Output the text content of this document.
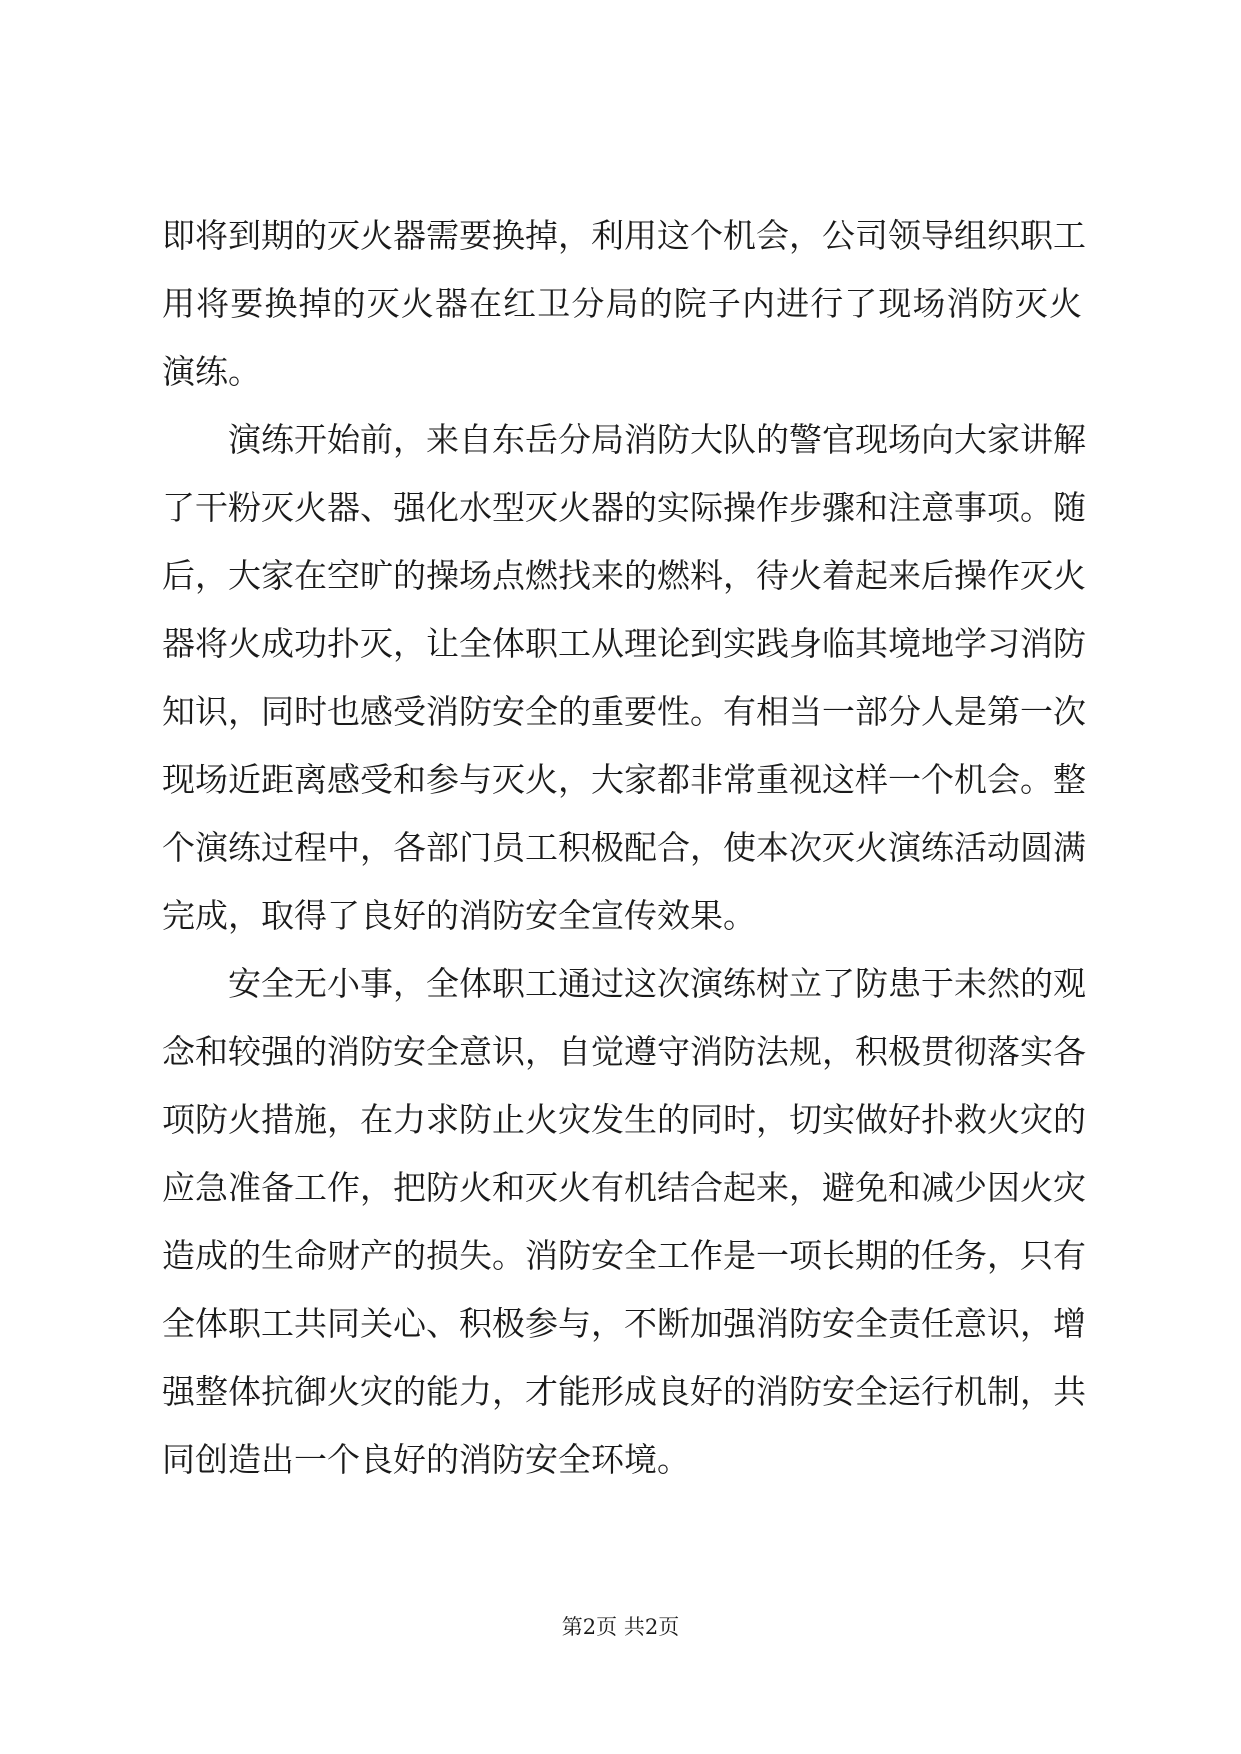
即将到期的灭火器需要换掉，利用这个机会，公司领导组织职工
用将要换掉的灭火器在红卫分局的院子内进行了现场消防灭火
演练。
演练开始前，来自东岳分局消防大队的警官现场向大家讲解
了干粉灭火器、强化水型灭火器的实际操作步骤和注意事项。随
后，大家在空旷的操场点燃找来的燃料，待火着起来后操作灭火
器将火成功扑灭，让全体职工从理论到实践身临其境地学习消防
知识，同时也感受消防安全的重要性。有相当一部分人是第一次
现场近距离感受和参与灭火，大家都非常重视这样一个机会。整
个演练过程中，各部门员工积极配合，使本次灭火演练活动圆满
完成，取得了良好的消防安全宣传效果。
安全无小事，全体职工通过这次演练树立了防患于未然的观
念和较强的消防安全意识，自觉遵守消防法规，积极贯彻落实各
项防火措施，在力求防止火灾发生的同时，切实做好扑救火灾的
应急准备工作，把防火和灭火有机结合起来，避免和减少因火灾
造成的生命财产的损失。消防安全工作是一项长期的任务，只有
全体职工共同关心、积极参与，不断加强消防安全责任意识，增
强整体抗御火灾的能力，才能形成良好的消防安全运行机制，共
同创造出一个良好的消防安全环境。
第2页 共2页
